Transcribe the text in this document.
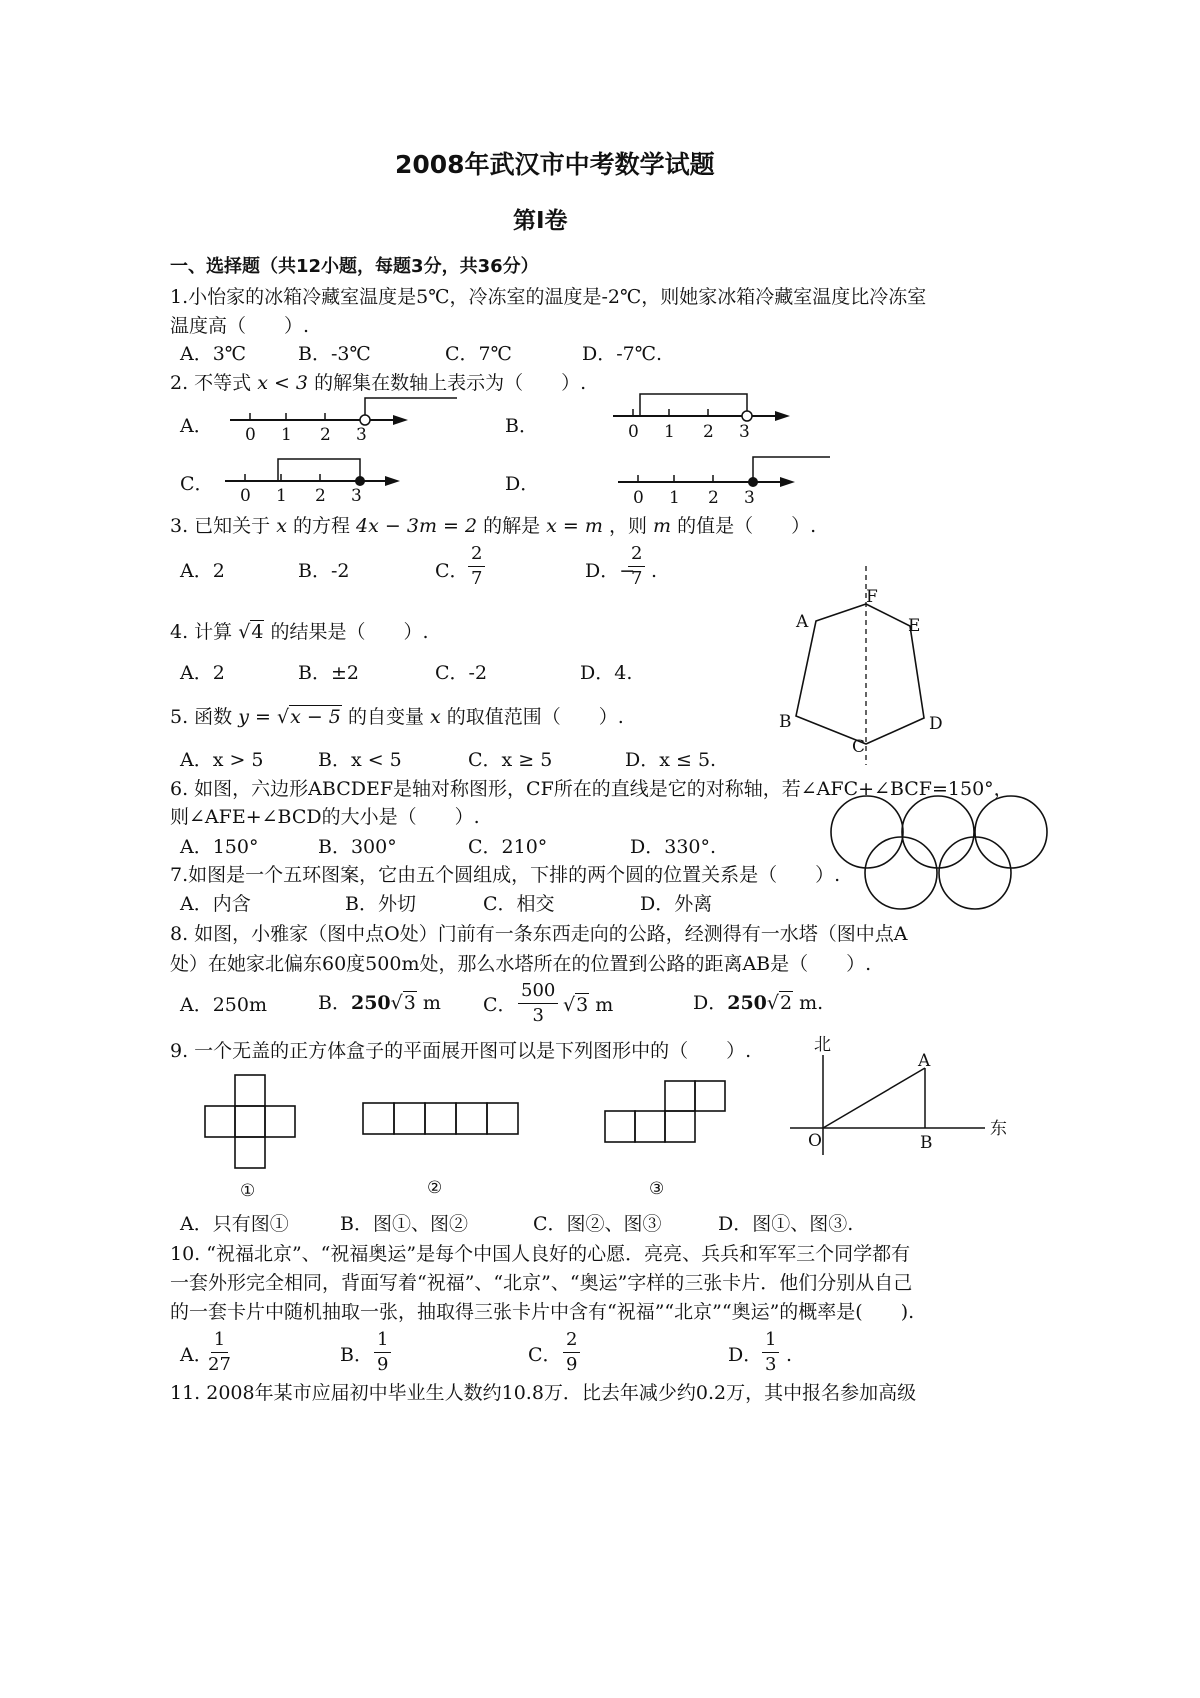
2008年武汉市中考数学试题
第Ⅰ卷
一、选择题（共12小题，每题3分，共36分）
1.小怡家的冰箱冷藏室温度是5℃，冷冻室的温度是-2℃，则她家冰箱冷藏室温度比冷冻室
温度高（　　）.
A．3℃	B．-3℃	C．7℃	D．-7℃.
2. 不等式 x < 3 的解集在数轴上表示为（　　）.
A．	B．
C．	D．
0 1 2 3	0 1 2 3
0 1 2 3	0 1 2 3
3. 已知关于 x 的方程 4x − 3m = 2 的解是 x = m ，则 m 的值是（　　）.
A．2	B．-2	C． $\frac{2}{7}$	D．−
$\frac{2}{7}$ .
4. 计算 √4 的结果是（　　）.
A．2	B．±2	C．-2	D．4.
5. 函数 y = √x − 5 的自变量 x 的取值范围（　　）.
A．x > 5	B．x < 5	C．x ≥ 5	D．x ≤ 5.
F
A	E
B	D
C
6. 如图，六边形ABCDEF是轴对称图形，CF所在的直线是它的对称轴，若∠AFC+∠BCF=150°，
则∠AFE+∠BCD的大小是（　　）.
A．150°	B．300°	C．210°	D．330°.
7.如图是一个五环图案，它由五个圆组成，下排的两个圆的位置关系是（　　）.
A．内含	B．外切	C．相交	D．外离
8. 如图，小雅家（图中点O处）门前有一条东西走向的公路，经测得有一水塔（图中点A
处）在她家北偏东60度500m处，那么水塔所在的位置到公路的距离AB是（　　）.
A．250m	B．250√3 m C． $\frac{500}{3} √3$ m	D．250√2 m.
9. 一个无盖的正方体盒子的平面展开图可以是下列图形中的（　　）.	北
东
O
A
B
①	②	③
A．只有图①	B．图①、图②	C．图②、图③	D．图①、图③.
10. “祝福北京”、“祝福奥运”是每个中国人良好的心愿．亮亮、兵兵和军军三个同学都有
一套外形完全相同，背面写着“祝福”、“北京”、“奥运”字样的三张卡片．他们分别从自己
的一套卡片中随机抽取一张，抽取得三张卡片中含有“祝福”“北京”“奥运”的概率是(　　).
A．
$\frac{1}{27}$	B． $\frac{1}{9}$	C． $\frac{2}{9}$	D． $\frac{1}{3}$ .
11. 2008年某市应届初中毕业生人数约10.8万．比去年减少约0.2万，其中报名参加高级
